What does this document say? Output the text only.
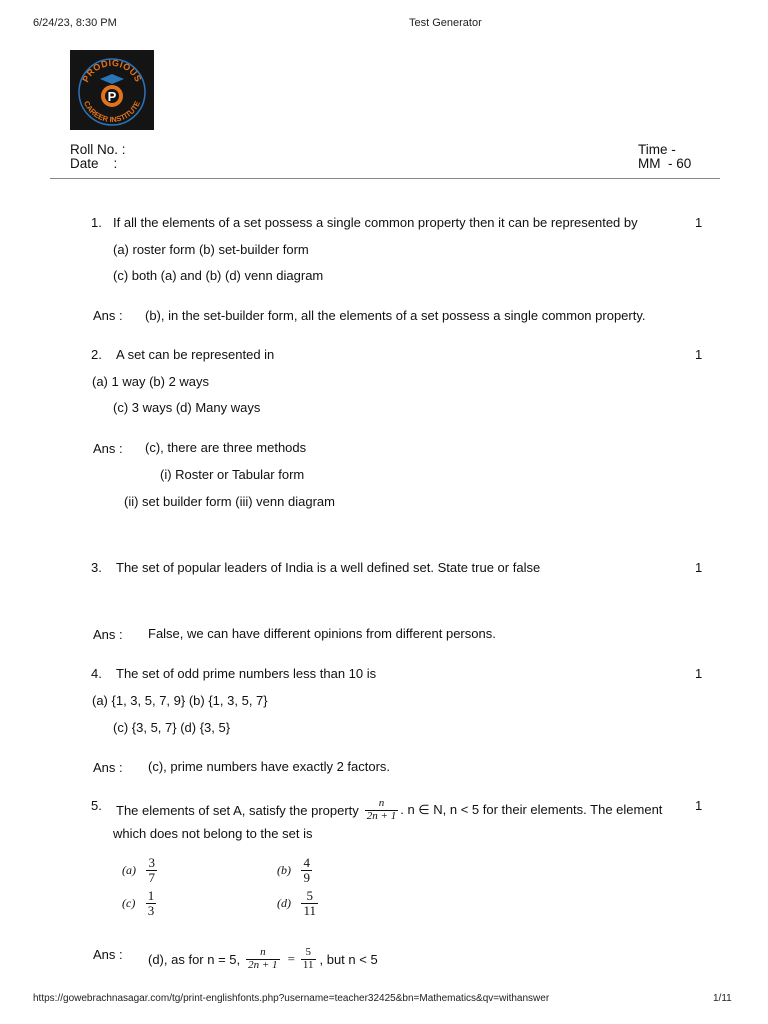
6/24/23, 8:30 PM	Test Generator
PRODIGIOUS
CAREER INSTITUTE
P
Roll No. :
Date    :
Time -
MM  - 60
1. If all the elements of a set possess a single common property then it can be represented by	1
(a) roster form (b) set-builder form
(c) both (a) and (b) (d) venn diagram
Ans : (b), in the set-builder form, all the elements of a set possess a single common property.
2. A set can be represented in	1
(a) 1 way (b) 2 ways
(c) 3 ways (d) Many ways
Ans : (c), there are three methods
(i) Roster or Tabular form
(ii) set builder form (iii) venn diagram
3. The set of popular leaders of India is a well defined set. State true or false	1
Ans : False, we can have different opinions from different persons.
4. The set of odd prime numbers less than 10 is	1
(a) {1, 3, 5, 7, 9} (b) {1, 3, 5, 7}
(c) {3, 5, 7} (d) {3, 5}
Ans : (c), prime numbers have exactly 2 factors.
5. The elements of set A, satisfy the property $\frac{n}{2n + 1}$ . n ∈ N, n < 5 for their elements. The element	1
which does not belong to the set is
$(a) \frac{3}{7}$	$(b) \frac{4}{9}$
$(c) \frac{1}{3}$	$(d) \frac{5}{11}$
Ans : (d), as for n = 5, $\frac{n}{2n + 1} = \frac{5}{11}$ , but n < 5
https://gowebrachnasagar.com/tg/print-englishfonts.php?username=teacher32425&bn=Mathematics&qv=withanswer	1/11
